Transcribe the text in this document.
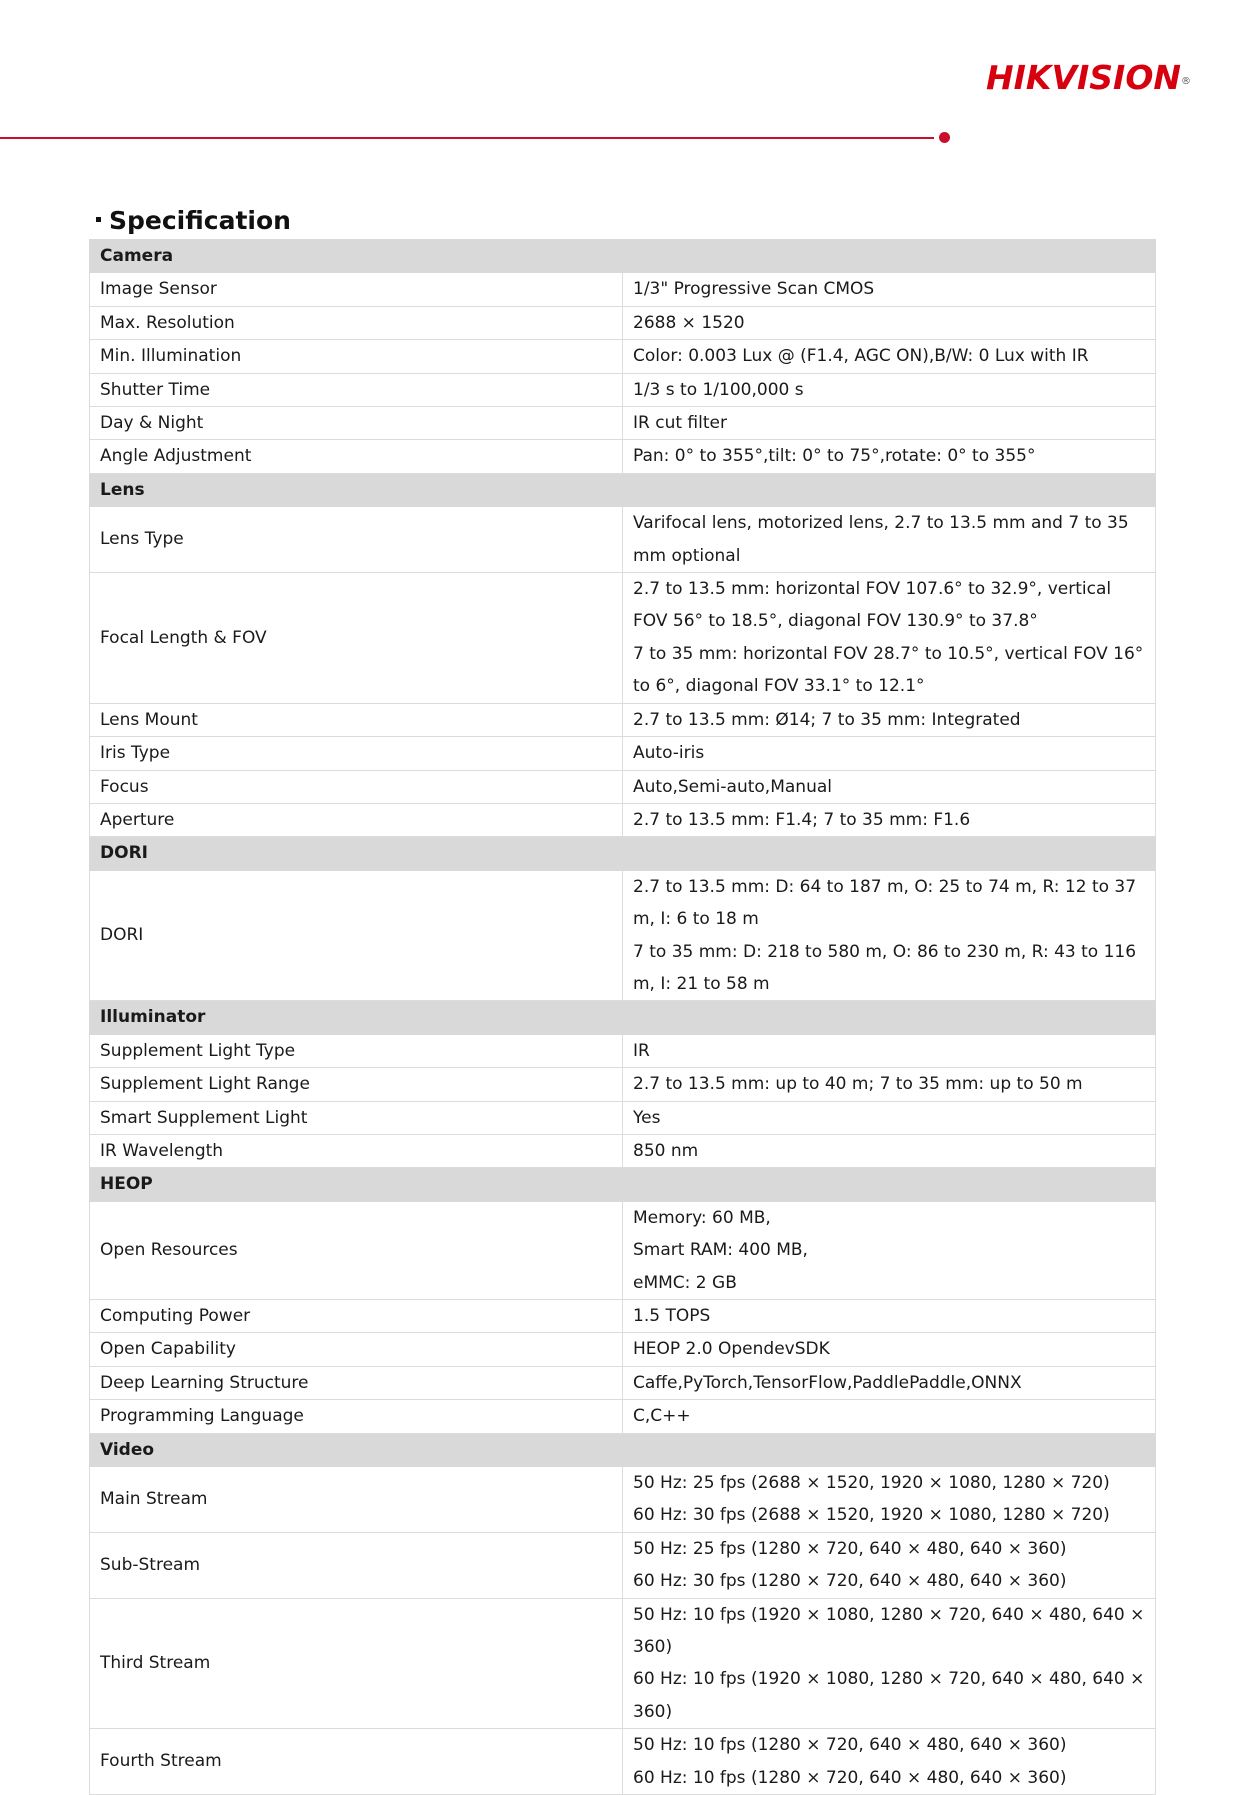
HIKVISION®
Specification
Camera	
Image Sensor	1/3" Progressive Scan CMOS

Max. Resolution	2688 × 1520

Min. Illumination	Color: 0.003 Lux @ (F1.4, AGC ON),B/W: 0 Lux with IR

Shutter Time	1/3 s to 1/100,000 s

Day & Night	IR cut filter

Angle Adjustment	Pan: 0° to 355°,tilt: 0° to 75°,rotate: 0° to 355°

Lens	
Lens Type	Varifocal lens, motorized lens, 2.7 to 13.5 mm and 7 to 35 mm optional

Focal Length & FOV	2.7 to 13.5 mm: horizontal FOV 107.6° to 32.9°, vertical FOV 56° to 18.5°, diagonal FOV 130.9° to 37.8°
7 to 35 mm: horizontal FOV 28.7° to 10.5°, vertical FOV 16° to 6°, diagonal FOV 33.1° to 12.1°

Lens Mount	2.7 to 13.5 mm: Ø14; 7 to 35 mm: Integrated

Iris Type	Auto-iris

Focus	Auto,Semi-auto,Manual

Aperture	2.7 to 13.5 mm: F1.4; 7 to 35 mm: F1.6

DORI	
DORI	2.7 to 13.5 mm: D: 64 to 187 m, O: 25 to 74 m, R: 12 to 37 m, I: 6 to 18 m
7 to 35 mm: D: 218 to 580 m, O: 86 to 230 m, R: 43 to 116 m, I: 21 to 58 m

Illuminator	
Supplement Light Type	IR

Supplement Light Range	2.7 to 13.5 mm: up to 40 m; 7 to 35 mm: up to 50 m

Smart Supplement Light	Yes

IR Wavelength	850 nm

HEOP	
Open Resources	Memory: 60 MB,
Smart RAM: 400 MB,
eMMC: 2 GB

Computing Power	1.5 TOPS

Open Capability	HEOP 2.0 OpendevSDK

Deep Learning Structure	Caffe,PyTorch,TensorFlow,PaddlePaddle,ONNX

Programming Language	C,C++

Video	
Main Stream	50 Hz: 25 fps (2688 × 1520, 1920 × 1080, 1280 × 720)
60 Hz: 30 fps (2688 × 1520, 1920 × 1080, 1280 × 720)

Sub-Stream	50 Hz: 25 fps (1280 × 720, 640 × 480, 640 × 360)
60 Hz: 30 fps (1280 × 720, 640 × 480, 640 × 360)

Third Stream	50 Hz: 10 fps (1920 × 1080, 1280 × 720, 640 × 480, 640 × 360)
60 Hz: 10 fps (1920 × 1080, 1280 × 720, 640 × 480, 640 × 360)

Fourth Stream	50 Hz: 10 fps (1280 × 720, 640 × 480, 640 × 360)
60 Hz: 10 fps (1280 × 720, 640 × 480, 640 × 360)
